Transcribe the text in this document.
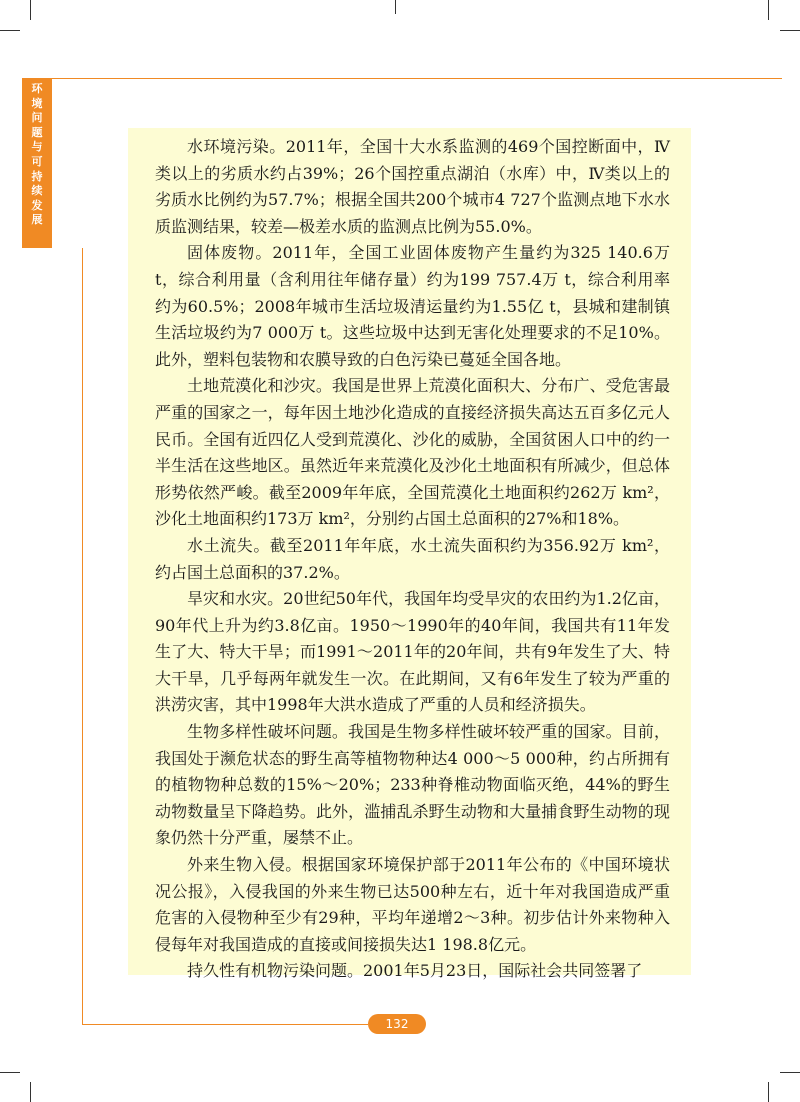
环
境
问
题
与
可
持
续
发
展

水环境污染。2011年，全国十大水系监测的469个国控断面中，Ⅳ类以上的劣质水约占39%；26个国控重点湖泊（水库）中，Ⅳ类以上的劣质水比例约为57.7%；根据全国共200个城市4 727个监测点地下水水质监测结果，较差—极差水质的监测点比例为55.0%。

固体废物。2011年，全国工业固体废物产生量约为325 140.6万 t，综合利用量（含利用往年储存量）约为199 757.4万 t，综合利用率约为60.5%；2008年城市生活垃圾清运量约为1.55亿 t，县城和建制镇生活垃圾约为7 000万 t。这些垃圾中达到无害化处理要求的不足10%。此外，塑料包装物和农膜导致的白色污染已蔓延全国各地。

土地荒漠化和沙灾。我国是世界上荒漠化面积大、分布广、受危害最严重的国家之一，每年因土地沙化造成的直接经济损失高达五百多亿元人民币。全国有近四亿人受到荒漠化、沙化的威胁，全国贫困人口中的约一半生活在这些地区。虽然近年来荒漠化及沙化土地面积有所减少，但总体形势依然严峻。截至2009年年底，全国荒漠化土地面积约262万 km²，沙化土地面积约173万 km²，分别约占国土总面积的27%和18%。

水土流失。截至2011年年底，水土流失面积约为356.92万 km²，约占国土总面积的37.2%。

旱灾和水灾。20世纪50年代，我国年均受旱灾的农田约为1.2亿亩，90年代上升为约3.8亿亩。1950～1990年的40年间，我国共有11年发生了大、特大干旱；而1991～2011年的20年间，共有9年发生了大、特大干旱，几乎每两年就发生一次。在此期间，又有6年发生了较为严重的洪涝灾害，其中1998年大洪水造成了严重的人员和经济损失。

生物多样性破坏问题。我国是生物多样性破坏较严重的国家。目前，我国处于濒危状态的野生高等植物物种达4 000～5 000种，约占所拥有的植物物种总数的15%～20%；233种脊椎动物面临灭绝，44%的野生动物数量呈下降趋势。此外，滥捕乱杀野生动物和大量捕食野生动物的现象仍然十分严重，屡禁不止。

外来生物入侵。根据国家环境保护部于2011年公布的《中国环境状况公报》，入侵我国的外来生物已达500种左右，近十年对我国造成严重危害的入侵物种至少有29种，平均年递增2～3种。初步估计外来物种入侵每年对我国造成的直接或间接损失达1 198.8亿元。

持久性有机物污染问题。2001年5月23日，国际社会共同签署了

132
